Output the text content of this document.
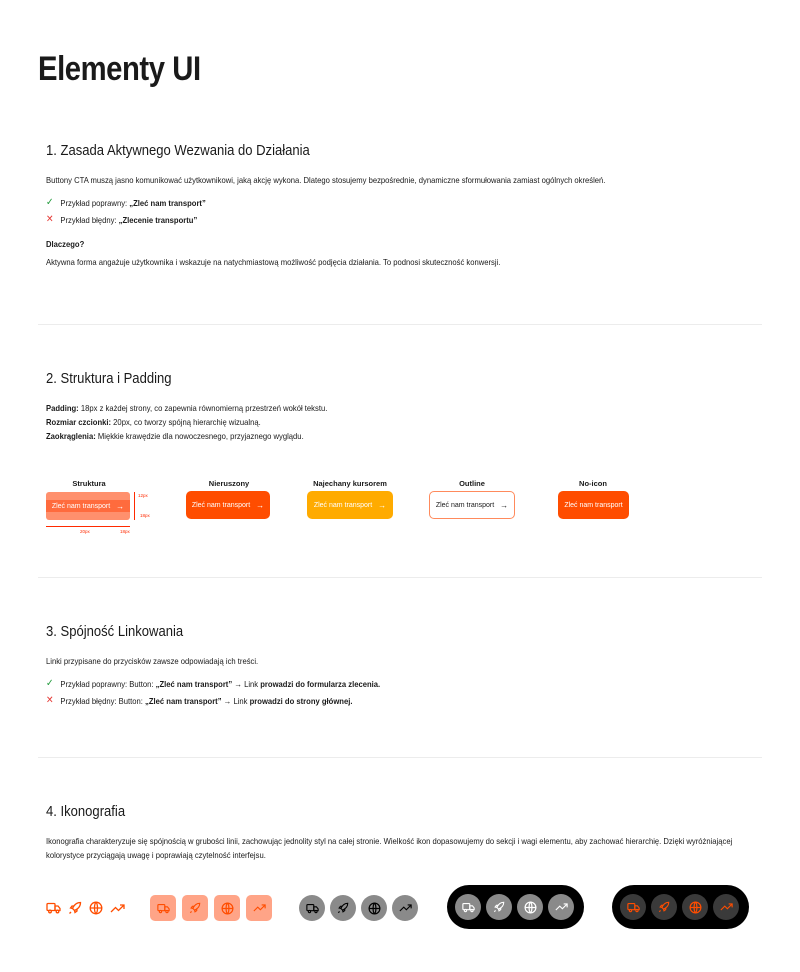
Elementy UI
1. Zasada Aktywnego Wezwania do Działania
Buttony CTA muszą jasno komunikować użytkownikowi, jaką akcję wykona. Dlatego stosujemy bezpośrednie, dynamiczne sformułowania zamiast ogólnych określeń.
✓ Przykład poprawny: „Zleć nam transport”
✕ Przykład błędny: „Zlecenie transportu”
Dlaczego?
Aktywna forma angażuje użytkownika i wskazuje na natychmiastową możliwość podjęcia działania. To podnosi skuteczność konwersji.
2. Struktura i Padding
Padding: 18px z każdej strony, co zapewnia równomierną przestrzeń wokół tekstu.
Rozmiar czcionki: 20px, co tworzy spójną hierarchię wizualną.
Zaokrąglenia: Miękkie krawędzie dla nowoczesnego, przyjaznego wyglądu.
Struktura	Nieruszony	Najechany kursorem	Outline	No-icon
Zleć nam transport →
12px
18px
20px	18px
Zleć nam transport →	Zleć nam transport →	Zleć nam transport →	Zleć nam transport
3. Spójność Linkowania
Linki przypisane do przycisków zawsze odpowiadają ich treści.
✓ Przykład poprawny: Button: „Zleć nam transport” → Link prowadzi do formularza zlecenia.
✕ Przykład błędny: Button: „Zleć nam transport” → Link prowadzi do strony głównej.
4. Ikonografia
Ikonografia charakteryzuje się spójnością w grubości linii, zachowując jednolity styl na całej stronie. Wielkość ikon dopasowujemy do sekcji i wagi elementu, aby zachować hierarchię. Dzięki wyróżniającej kolorystyce przyciągają uwagę i poprawiają czytelność interfejsu.
